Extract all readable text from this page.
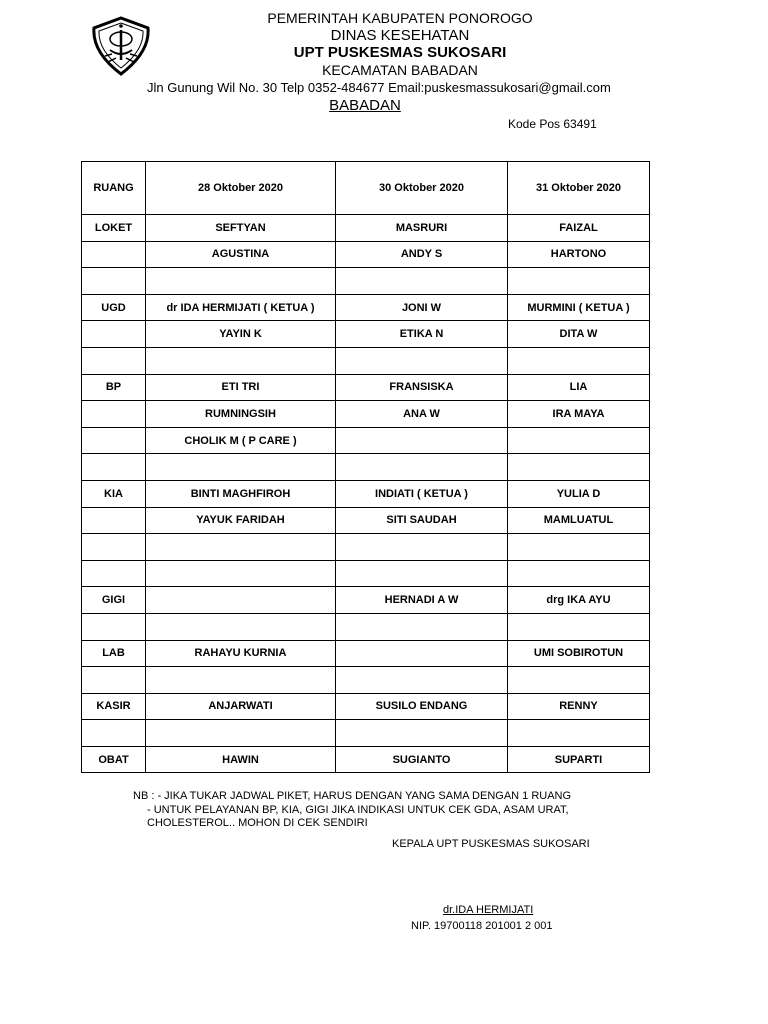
PEMERINTAH KABUPATEN PONOROGO
DINAS KESEHATAN
UPT PUSKESMAS SUKOSARI
KECAMATAN BABADAN
Jln Gunung Wil No. 30 Telp 0352-484677 Email:puskesmassukosari@gmail.com
BABADAN
Kode Pos 63491
RUANG	28 Oktober 2020	30 Oktober 2020	31 Oktober 2020
LOKET	SEFTYAN	MASRURI	FAIZAL
	AGUSTINA	ANDY S	HARTONO

UGD	dr IDA HERMIJATI ( KETUA )	JONI W	MURMINI ( KETUA )
	YAYIN K	ETIKA N	DITA W

BP	ETI TRI	FRANSISKA	LIA
	RUMNINGSIH	ANA W	IRA MAYA
	CHOLIK M ( P CARE )		

KIA	BINTI MAGHFIROH	INDIATI ( KETUA )	YULIA D
	YAYUK FARIDAH	SITI SAUDAH	MAMLUATUL

GIGI		HERNADI A W	drg IKA AYU

LAB	RAHAYU KURNIA		UMI SOBIROTUN

KASIR	ANJARWATI	SUSILO ENDANG	RENNY

OBAT	HAWIN	SUGIANTO	SUPARTI
NB : - JIKA TUKAR JADWAL PIKET, HARUS DENGAN YANG SAMA DENGAN 1 RUANG
- UNTUK PELAYANAN BP, KIA, GIGI JIKA INDIKASI UNTUK CEK GDA, ASAM URAT,
CHOLESTEROL.. MOHON DI CEK SENDIRI
KEPALA UPT PUSKESMAS SUKOSARI
dr.IDA HERMIJATI
NIP. 19700118 201001 2 001
